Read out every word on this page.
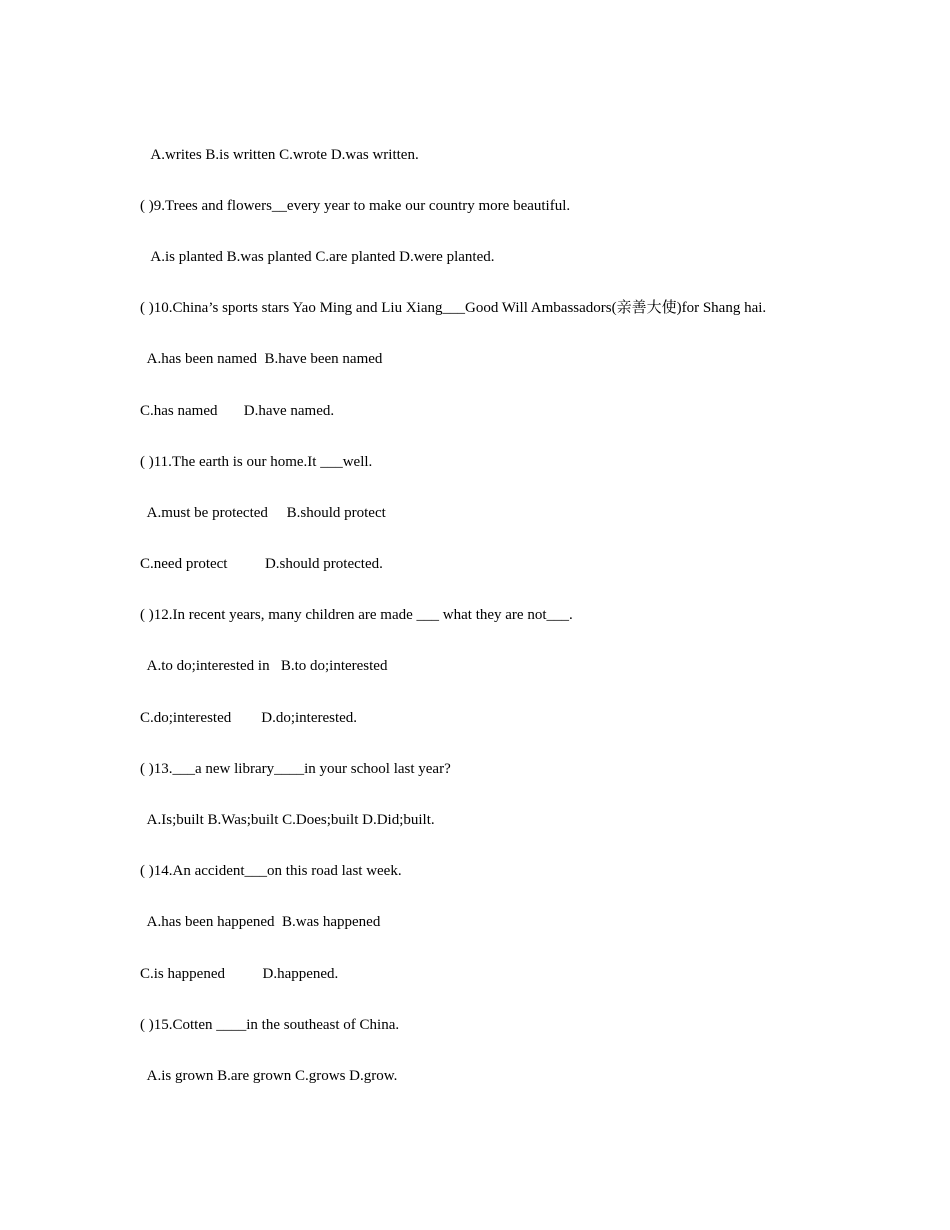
A.writes B.is written C.wrote D.was written.
( )9.Trees and flowers__every year to make our country more beautiful.
A.is planted B.was planted C.are planted D.were planted.
( )10.China’s sports stars Yao Ming and Liu Xiang___Good Will Ambassadors(亲善大使)for Shang hai.
A.has been named  B.have been named
C.has named       D.have named.
( )11.The earth is our home.It ___well.
A.must be protected     B.should protect
C.need protect          D.should protected.
( )12.In recent years, many children are made ___ what they are not___.
A.to do;interested in   B.to do;interested
C.do;interested        D.do;interested.
( )13.___a new library____in your school last year?
A.Is;built B.Was;built C.Does;built D.Did;built.
( )14.An accident___on this road last week.
A.has been happened  B.was happened
C.is happened          D.happened.
( )15.Cotten ____in the southeast of China.
A.is grown B.are grown C.grows D.grow.
